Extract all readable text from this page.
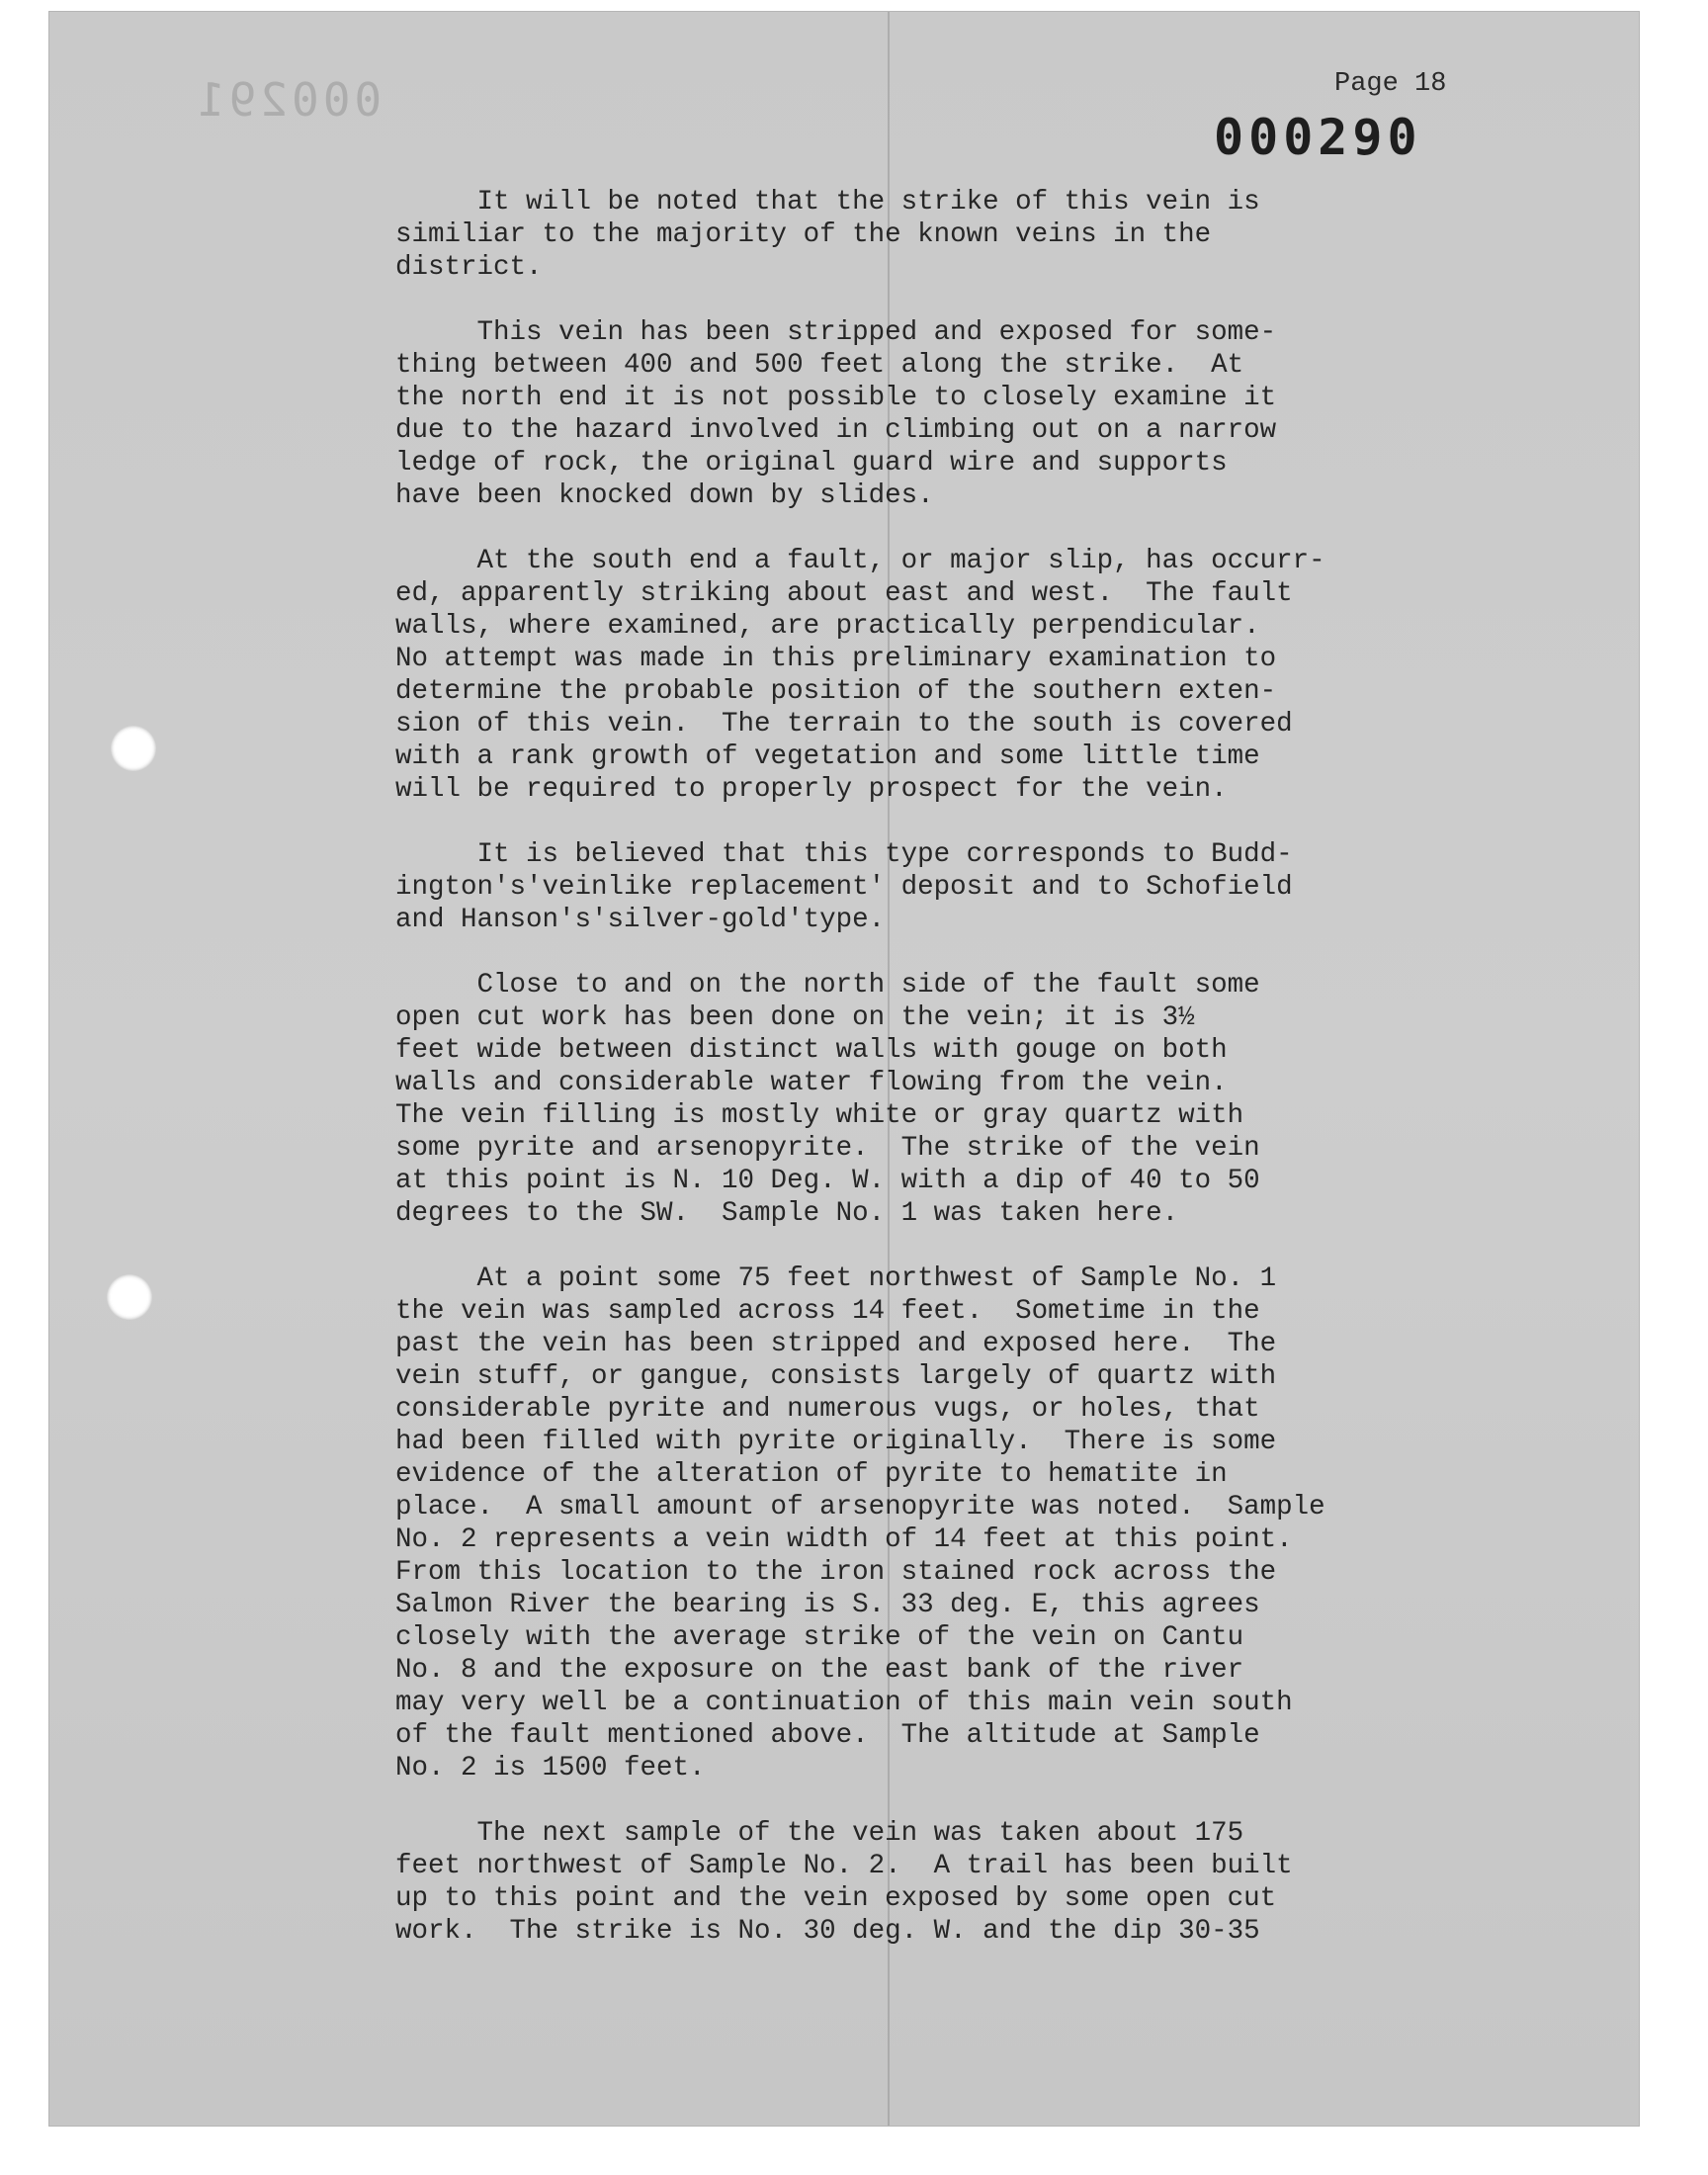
000291	Page 18
000290
It will be noted that the strike of this vein is
similiar to the majority of the known veins in the
district.
This vein has been stripped and exposed for some-
thing between 400 and 500 feet along the strike.  At
the north end it is not possible to closely examine it
due to the hazard involved in climbing out on a narrow
ledge of rock, the original guard wire and supports
have been knocked down by slides.
At the south end a fault, or major slip, has occurr-
ed, apparently striking about east and west.  The fault
walls, where examined, are practically perpendicular.
No attempt was made in this preliminary examination to
determine the probable position of the southern exten-
sion of this vein.  The terrain to the south is covered
with a rank growth of vegetation and some little time
will be required to properly prospect for the vein.
It is believed that this type corresponds to Budd-
ington's'veinlike replacement' deposit and to Schofield
and Hanson's'silver-gold'type.
Close to and on the north side of the fault some
open cut work has been done on the vein; it is 3½
feet wide between distinct walls with gouge on both
walls and considerable water flowing from the vein.
The vein filling is mostly white or gray quartz with
some pyrite and arsenopyrite.  The strike of the vein
at this point is N. 10 Deg. W. with a dip of 40 to 50
degrees to the SW.  Sample No. 1 was taken here.
At a point some 75 feet northwest of Sample No. 1
the vein was sampled across 14 feet.  Sometime in the
past the vein has been stripped and exposed here.  The
vein stuff, or gangue, consists largely of quartz with
considerable pyrite and numerous vugs, or holes, that
had been filled with pyrite originally.  There is some
evidence of the alteration of pyrite to hematite in
place.  A small amount of arsenopyrite was noted.  Sample
No. 2 represents a vein width of 14 feet at this point.
From this location to the iron stained rock across the
Salmon River the bearing is S. 33 deg. E, this agrees
closely with the average strike of the vein on Cantu
No. 8 and the exposure on the east bank of the river
may very well be a continuation of this main vein south
of the fault mentioned above.  The altitude at Sample
No. 2 is 1500 feet.
The next sample of the vein was taken about 175
feet northwest of Sample No. 2.  A trail has been built
up to this point and the vein exposed by some open cut
work.  The strike is No. 30 deg. W. and the dip 30-35
